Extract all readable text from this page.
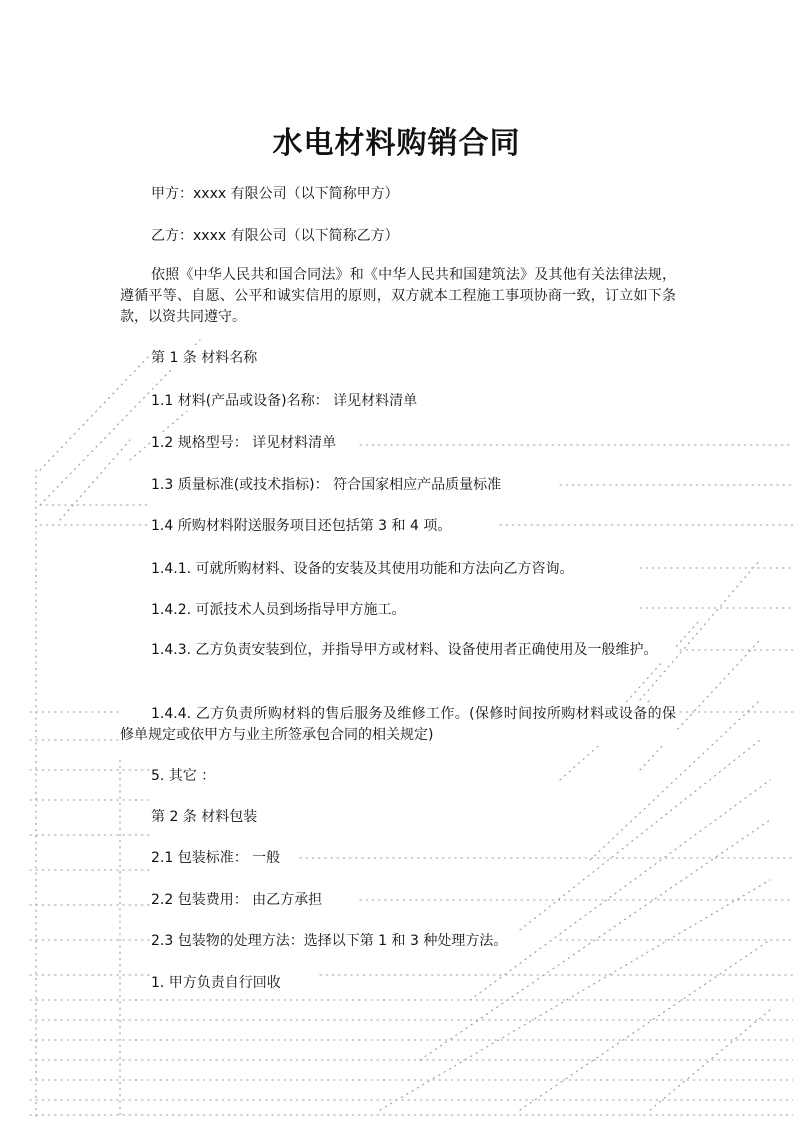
水电材料购销合同

甲方：xxxx 有限公司（以下简称甲方）

乙方：xxxx 有限公司（以下简称乙方）

依照《中华人民共和国合同法》和《中华人民共和国建筑法》及其他有关法律法规，遵循平等、自愿、公平和诚实信用的原则，双方就本工程施工事项协商一致，订立如下条款，以资共同遵守。

第 1 条 材料名称

1.1 材料(产品或设备)名称： 详见材料清单

1.2 规格型号： 详见材料清单

1.3 质量标准(或技术指标)： 符合国家相应产品质量标准

1.4 所购材料附送服务项目还包括第 3 和 4 项。

1.4.1. 可就所购材料、设备的安装及其使用功能和方法向乙方咨询。

1.4.2. 可派技术人员到场指导甲方施工。

1.4.3. 乙方负责安装到位，并指导甲方或材料、设备使用者正确使用及一般维护。

1.4.4. 乙方负责所购材料的售后服务及维修工作。(保修时间按所购材料或设备的保修单规定或依甲方与业主所签承包合同的相关规定)

5. 其它 ：

第 2 条 材料包装

2.1 包装标准： 一般

2.2 包装费用： 由乙方承担

2.3 包装物的处理方法：选择以下第 1 和 3 种处理方法。

1. 甲方负责自行回收
